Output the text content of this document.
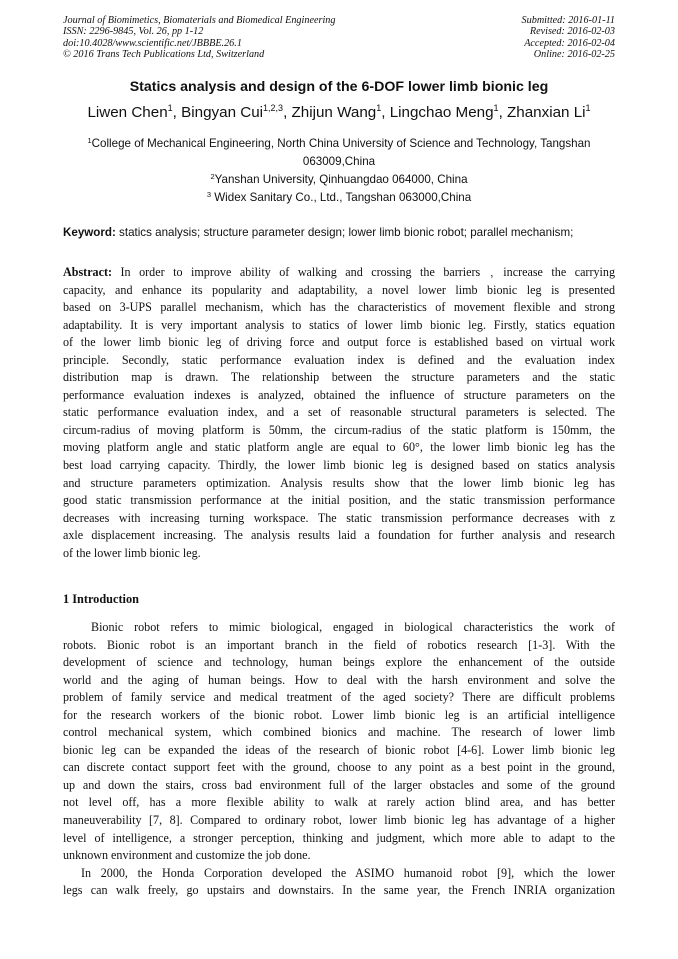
Journal of Biomimetics, Biomaterials and Biomedical Engineering
ISSN: 2296-9845, Vol. 26, pp 1-12
doi:10.4028/www.scientific.net/JBBBE.26.1
© 2016 Trans Tech Publications Ltd, Switzerland
Submitted: 2016-01-11
Revised: 2016-02-03
Accepted: 2016-02-04
Online: 2016-02-25
Statics analysis and design of the 6-DOF lower limb bionic leg
Liwen Chen$^1$, Bingyan Cui$^{1,2,3}$, Zhijun Wang$^1$, Lingchao Meng$^1$, Zhanxian Li$^1$
$^1$College of Mechanical Engineering, North China University of Science and Technology, Tangshan
063009,China
$^2$Yanshan University, Qinhuangdao 064000, China
$^3$ Widex Sanitary Co., Ltd., Tangshan 063000,China
Keyword: statics analysis; structure parameter design; lower limb bionic robot; parallel mechanism;
Abstract: In order to improve ability of walking and crossing the barriers﹐increase the carrying
capacity, and enhance its popularity and adaptability, a novel lower limb bionic leg is presented
based on 3-UPS parallel mechanism, which has the characteristics of movement flexible and strong
adaptability. It is very important analysis to statics of lower limb bionic leg. Firstly, statics equation
of the lower limb bionic leg of driving force and output force is established based on virtual work
principle. Secondly, static performance evaluation index is defined and the evaluation index
distribution map is drawn. The relationship between the structure parameters and the static
performance evaluation indexes is analyzed, obtained the influence of structure parameters on the
static performance evaluation index, and a set of reasonable structural parameters is selected. The
circum-radius of moving platform is 50mm, the circum-radius of the static platform is 150mm, the
moving platform angle and static platform angle are equal to 60°, the lower limb bionic leg has the
best load carrying capacity. Thirdly, the lower limb bionic leg is designed based on statics analysis
and structure parameters optimization. Analysis results show that the lower limb bionic leg has
good static transmission performance at the initial position, and the static transmission performance
decreases with increasing turning workspace. The static transmission performance decreases with z
axle displacement increasing. The analysis results laid a foundation for further analysis and research
of the lower limb bionic leg.
1 Introduction
Bionic robot refers to mimic biological, engaged in biological characteristics the work of
robots. Bionic robot is an important branch in the field of robotics research [1-3]. With the
development of science and technology, human beings explore the enhancement of the outside
world and the aging of human beings. How to deal with the harsh environment and solve the
problem of family service and medical treatment of the aged society? There are difficult problems
for the research workers of the bionic robot. Lower limb bionic leg is an artificial intelligence
control mechanical system, which combined bionics and machine. The research of lower limb
bionic leg can be expanded the ideas of the research of bionic robot [4-6]. Lower limb bionic leg
can discrete contact support feet with the ground, choose to any point as a best point in the ground,
up and down the stairs, cross bad environment full of the larger obstacles and some of the ground
not level off, has a more flexible ability to walk at rarely action blind area, and has better
maneuverability [7, 8]. Compared to ordinary robot, lower limb bionic leg has advantage of a higher
level of intelligence, a stronger perception, thinking and judgment, which more able to adapt to the
unknown environment and customize the job done.
In 2000, the Honda Corporation developed the ASIMO humanoid robot [9], which the lower
legs can walk freely, go upstairs and downstairs. In the same year, the French INRIA organization
